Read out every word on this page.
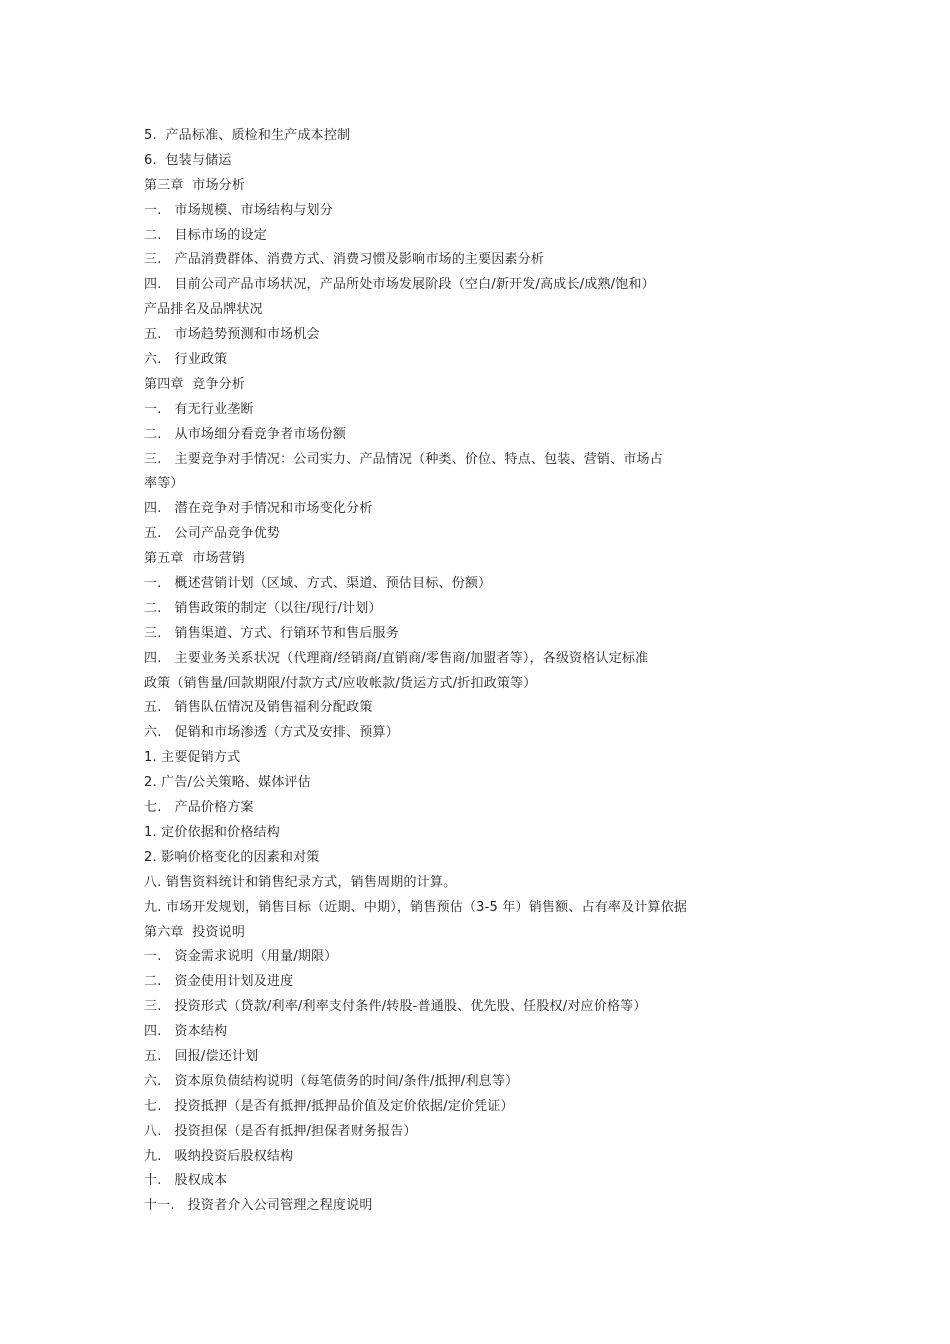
5.  产品标准、质检和生产成本控制
6.  包装与储运
第三章  市场分析
一.   市场规模、市场结构与划分
二.   目标市场的设定
三.   产品消费群体、消费方式、消费习惯及影响市场的主要因素分析
四.   目前公司产品市场状况，产品所处市场发展阶段（空白/新开发/高成长/成熟/饱和）
产品排名及品牌状况
五.   市场趋势预测和市场机会
六.   行业政策
第四章  竞争分析
一.   有无行业垄断
二.   从市场细分看竞争者市场份额
三.   主要竞争对手情况：公司实力、产品情况（种类、价位、特点、包装、营销、市场占
率等）
四.   潜在竞争对手情况和市场变化分析
五.   公司产品竞争优势
第五章  市场营销
一.   概述营销计划（区域、方式、渠道、预估目标、份额）
二.   销售政策的制定（以往/现行/计划）
三.   销售渠道、方式、行销环节和售后服务
四.   主要业务关系状况（代理商/经销商/直销商/零售商/加盟者等），各级资格认定标准
政策（销售量/回款期限/付款方式/应收帐款/货运方式/折扣政策等）
五.   销售队伍情况及销售福利分配政策
六.   促销和市场渗透（方式及安排、预算）
1. 主要促销方式
2. 广告/公关策略、媒体评估
七.   产品价格方案
1. 定价依据和价格结构
2. 影响价格变化的因素和对策
八. 销售资料统计和销售纪录方式，销售周期的计算。
九. 市场开发规划，销售目标（近期、中期），销售预估（3-5 年）销售额、占有率及计算依据
第六章  投资说明
一.   资金需求说明（用量/期限）
二.   资金使用计划及进度
三.   投资形式（贷款/利率/利率支付条件/转股-普通股、优先股、任股权/对应价格等）
四.   资本结构
五.   回报/偿还计划
六.   资本原负债结构说明（每笔债务的时间/条件/抵押/利息等）
七.   投资抵押（是否有抵押/抵押品价值及定价依据/定价凭证）
八.   投资担保（是否有抵押/担保者财务报告）
九.   吸纳投资后股权结构
十.   股权成本
十一.   投资者介入公司管理之程度说明
